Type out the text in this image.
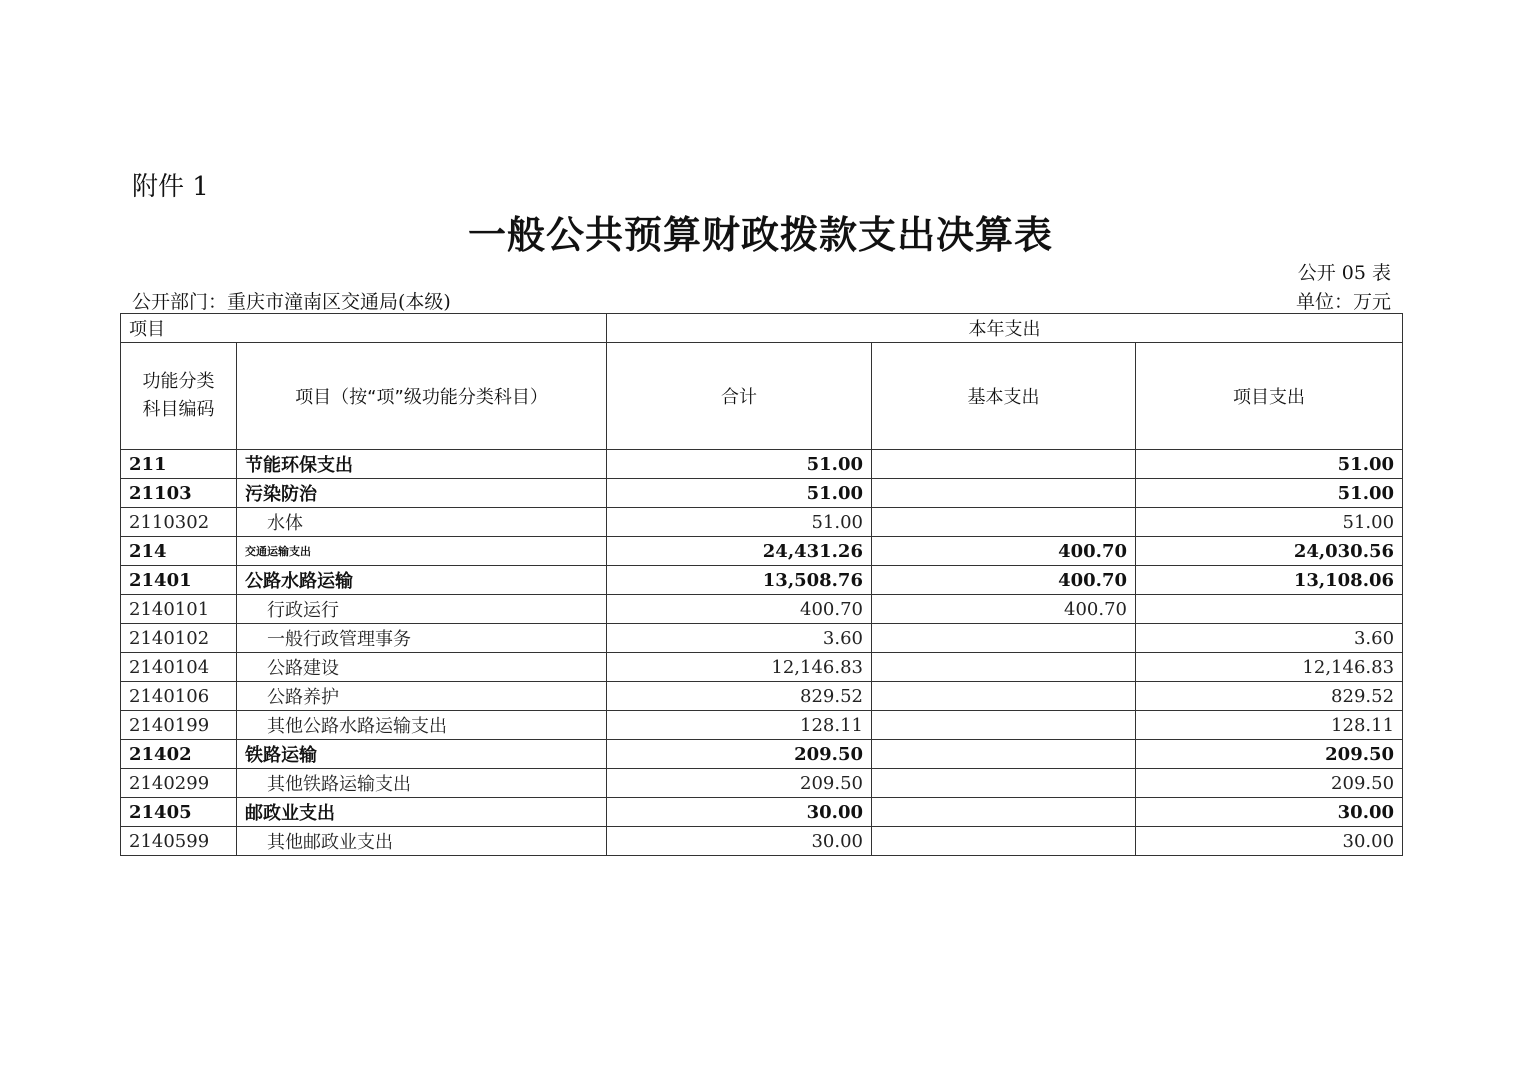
附件 1
一般公共预算财政拨款支出决算表
公开 05 表
公开部门：重庆市潼南区交通局(本级)	单位：万元
项目		本年支出		
功能分类科目编码	项目（按“项”级功能分类科目）	合计	基本支出	项目支出
211	节能环保支出	51.00		51.00
21103	污染防治	51.00		51.00
2110302	水体	51.00		51.00
214	交通运输支出	24,431.26	400.70	24,030.56
21401	公路水路运输	13,508.76	400.70	13,108.06
2140101	行政运行	400.70	400.70	
2140102	一般行政管理事务	3.60		3.60
2140104	公路建设	12,146.83		12,146.83
2140106	公路养护	829.52		829.52
2140199	其他公路水路运输支出	128.11		128.11
21402	铁路运输	209.50		209.50
2140299	其他铁路运输支出	209.50		209.50
21405	邮政业支出	30.00		30.00
2140599	其他邮政业支出	30.00		30.00
